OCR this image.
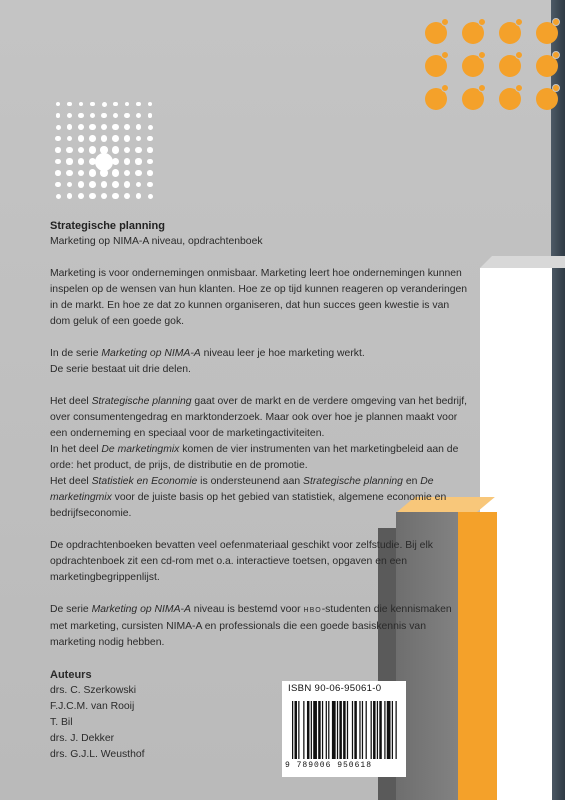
Strategische planning
Marketing op NIMA-A niveau, opdrachtenboek

Marketing is voor ondernemingen onmisbaar. Marketing leert hoe ondernemingen kunnen inspelen op de wensen van hun klanten. Hoe ze op tijd kunnen reageren op veranderingen in de markt. En hoe ze dat zo kunnen organiseren, dat hun succes geen kwestie is van dom geluk of een goede gok.

In de serie Marketing op NIMA-A niveau leer je hoe marketing werkt.
De serie bestaat uit drie delen.

Het deel Strategische planning gaat over de markt en de verdere omgeving van het bedrijf, over consumentengedrag en marktonderzoek. Maar ook over hoe je plannen maakt voor een onderneming en speciaal voor de marketingactiviteiten.

In het deel De marketingmix komen de vier instrumenten van het marketingbeleid aan de orde: het product, de prijs, de distributie en de promotie.

Het deel Statistiek en Economie is ondersteunend aan Strategische planning en De marketingmix voor de juiste basis op het gebied van statistiek, algemene economie en bedrijfseconomie.

De opdrachtenboeken bevatten veel oefenmateriaal geschikt voor zelfstudie. Bij elk opdrachtenboek zit een cd-rom met o.a. interactieve toetsen, opgaven en een marketingbegrippenlijst.

De serie Marketing op NIMA-A niveau is bestemd voor HBO-studenten die kennismaken met marketing, cursisten NIMA-A en professionals die een goede basiskennis van marketing nodig hebben.

Auteurs
drs. C. Szerkowski
F.J.C.M. van Rooij
T. Bil
drs. J. Dekker
drs. G.J.L. Weusthof
ISBN 90-06-95061-0
9 789006 950618
